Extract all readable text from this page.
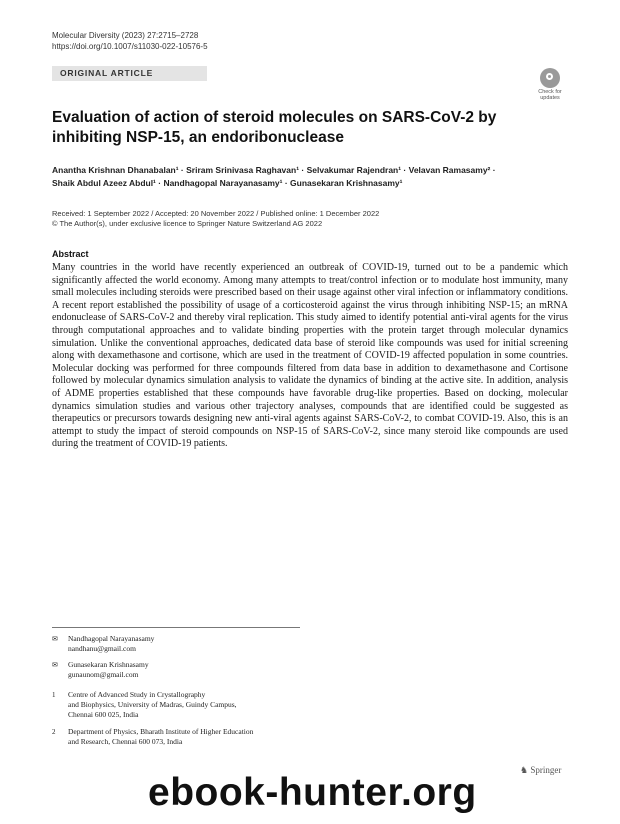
Molecular Diversity (2023) 27:2715–2728
https://doi.org/10.1007/s11030-022-10576-5
ORIGINAL ARTICLE
Check for
updates
Evaluation of action of steroid molecules on SARS-CoV-2 by inhibiting NSP-15, an endoribonuclease
Anantha Krishnan Dhanabalan¹ · Sriram Srinivasa Raghavan¹ · Selvakumar Rajendran¹ · Velavan Ramasamy² ·
Shaik Abdul Azeez Abdul¹ · Nandhagopal Narayanasamy¹ · Gunasekaran Krishnasamy¹
Received: 1 September 2022 / Accepted: 20 November 2022 / Published online: 1 December 2022
© The Author(s), under exclusive licence to Springer Nature Switzerland AG 2022
Abstract
Many countries in the world have recently experienced an outbreak of COVID-19, turned out to be a pandemic which significantly affected the world economy. Among many attempts to treat/control infection or to modulate host immunity, many small molecules including steroids were prescribed based on their usage against other viral infection or inflammatory conditions. A recent report established the possibility of usage of a corticosteroid against the virus through inhibiting NSP-15; an mRNA endonuclease of SARS-CoV-2 and thereby viral replication. This study aimed to identify potential anti-viral agents for the virus through computational approaches and to validate binding properties with the protein target through molecular dynamics simulation. Unlike the conventional approaches, dedicated data base of steroid like compounds was used for initial screening along with dexamethasone and cortisone, which are used in the treatment of COVID-19 affected population in some countries. Molecular docking was performed for three compounds filtered from data base in addition to dexamethasone and Cortisone followed by molecular dynamics simulation analysis to validate the dynamics of binding at the active site. In addition, analysis of ADME properties established that these compounds have favorable drug-like properties. Based on docking, molecular dynamics simulation studies and various other trajectory analyses, compounds that are identified could be suggested as therapeutics or precursors towards designing new anti-viral agents against SARS-CoV-2, to combat COVID-19. Also, this is an attempt to study the impact of steroid compounds on NSP-15 of SARS-CoV-2, since many steroid like compounds are used during the treatment of COVID-19 patients.
✉ Nandhagopal Narayanasamy
nandhanu@gmail.com
✉ Gunasekaran Krishnasamy
gunaunom@gmail.com
1 Centre of Advanced Study in Crystallography
and Biophysics, University of Madras, Guindy Campus,
Chennai 600 025, India
2 Department of Physics, Bharath Institute of Higher Education
and Research, Chennai 600 073, India
♞ Springer
ebook-hunter.org
